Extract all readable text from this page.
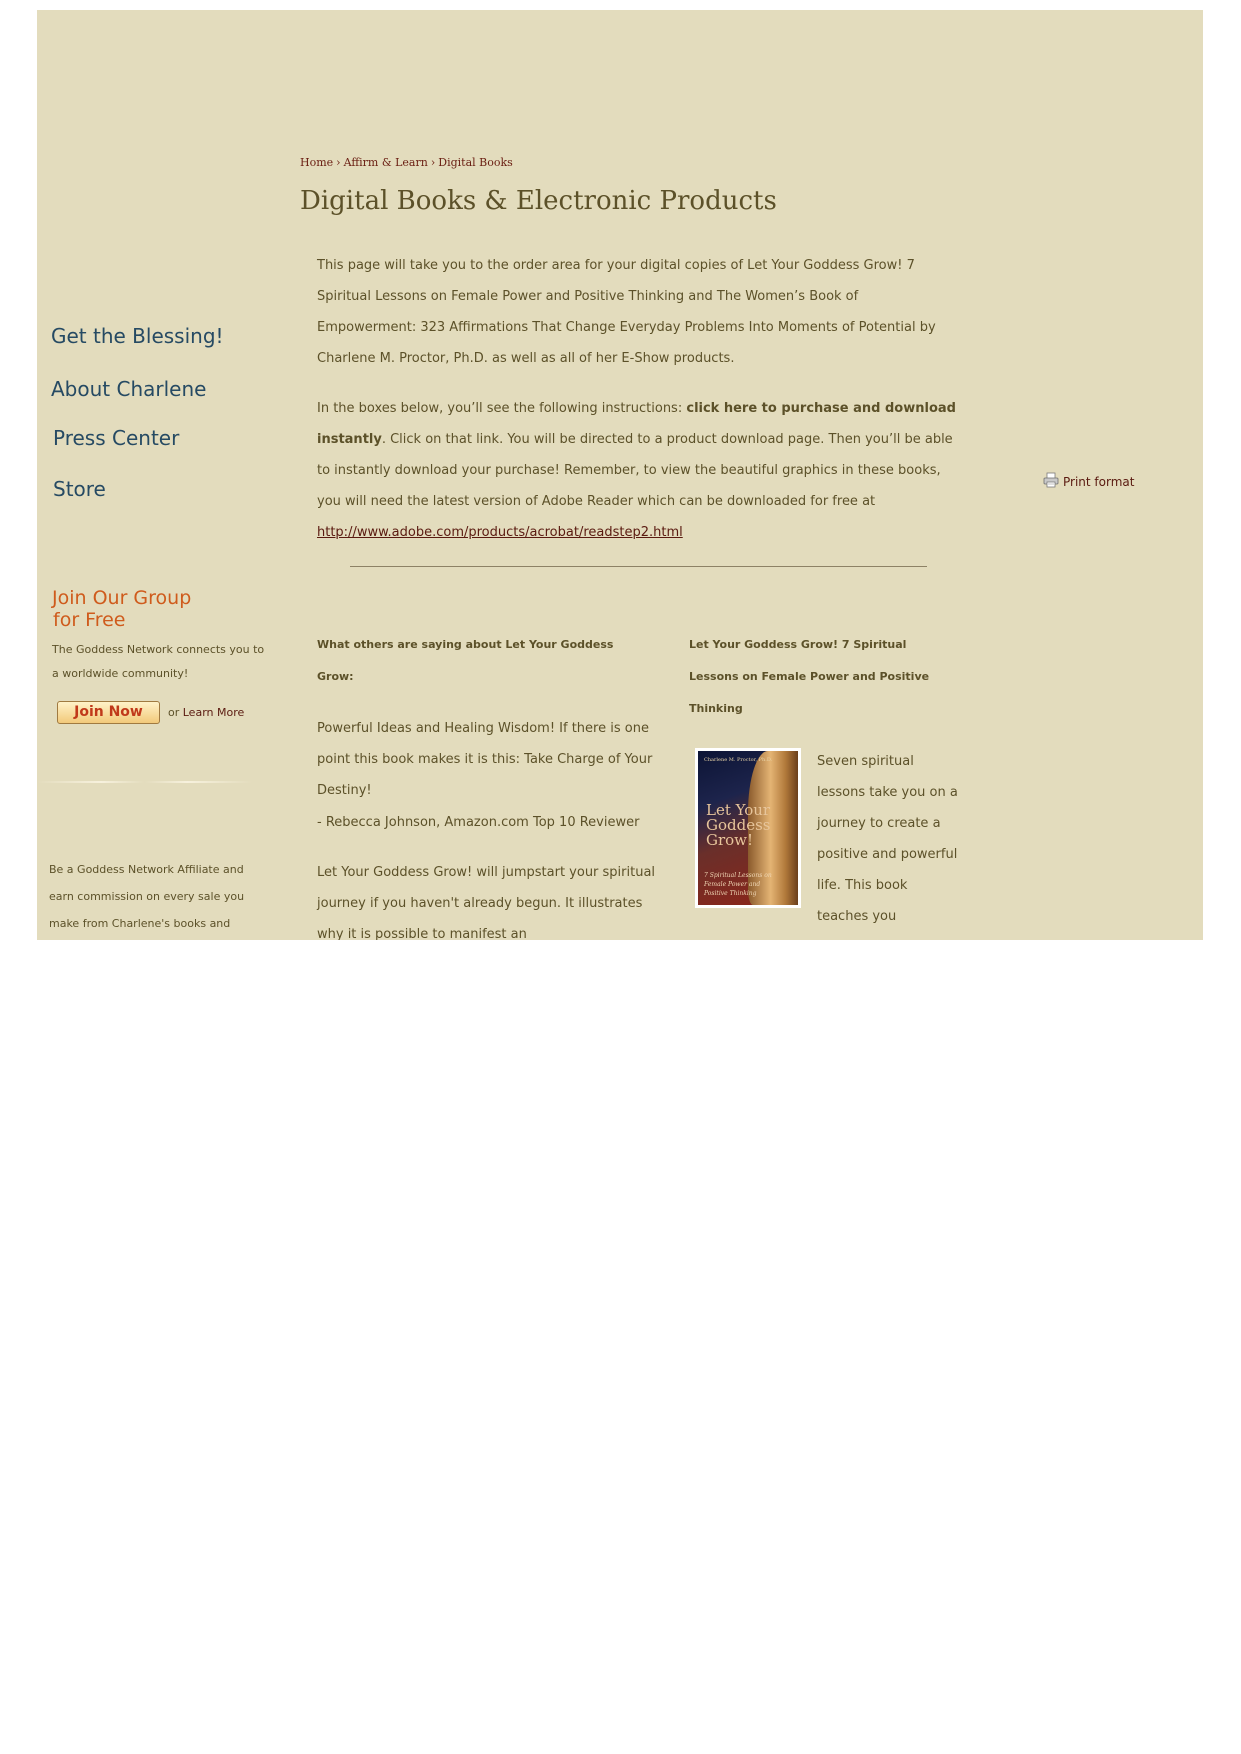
Home › Affirm & Learn › Digital Books
Digital Books & Electronic Products

This page will take you to the order area for your digital copies of Let Your Goddess Grow! 7 Spiritual Lessons on Female Power and Positive Thinking and The Women’s Book of Empowerment: 323 Affirmations That Change Everyday Problems Into Moments of Potential by Charlene M. Proctor, Ph.D. as well as all of her E-Show products.

In the boxes below, you’ll see the following instructions: click here to purchase and download instantly. Click on that link. You will be directed to a product download page. Then you’ll be able to instantly download your purchase! Remember, to view the beautiful graphics in these books, you will need the latest version of Adobe Reader which can be downloaded for free at http://www.adobe.com/products/acrobat/readstep2.html

Get the Blessing!
About Charlene
Press Center
Store
Join Our Group
for Free

The Goddess Network connects you to a worldwide community!

Join Now	or Learn More

Be a Goddess Network Affiliate and earn commission on every sale you make from Charlene's books and

Print format

What others are saying about Let Your Goddess Grow:

Powerful Ideas and Healing Wisdom! If there is one point this book makes it is this: Take Charge of Your Destiny!

- Rebecca Johnson, Amazon.com Top 10 Reviewer

Let Your Goddess Grow! will jumpstart your spiritual journey if you haven't already begun. It illustrates why it is possible to manifest an

Let Your Goddess Grow! 7 Spiritual Lessons on Female Power and Positive Thinking

Charlene M. Proctor, Ph.D.
Let Your Goddess Grow!
7 Spiritual Lessons on Female Power and Positive Thinking

Seven spiritual lessons take you on a journey to create a positive and powerful life. This book teaches you
